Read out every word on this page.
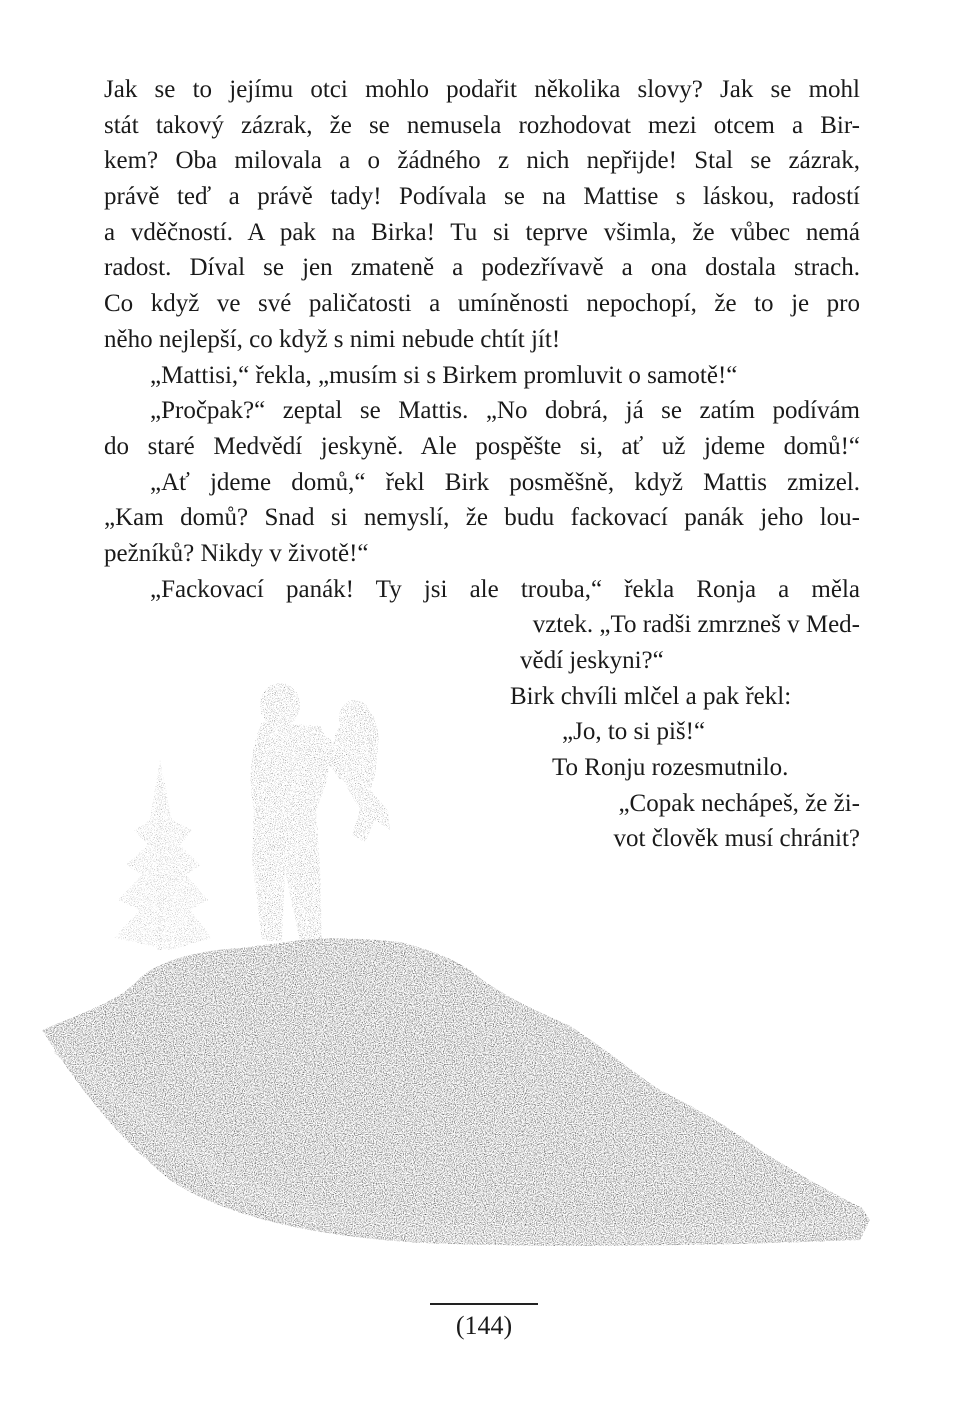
Jak se to jejímu otci mohlo podařit několika slovy? Jak se mohl
stát takový zázrak, že se nemusela rozhodovat mezi otcem a Bir-
kem? Oba milovala a o žádného z nich nepřijde! Stal se zázrak,
právě teď a právě tady! Podívala se na Mattise s láskou, radostí
a vděčností. A pak na Birka! Tu si teprve všimla, že vůbec nemá
radost. Díval se jen zmateně a podezřívavě a ona dostala strach.
Co když ve své paličatosti a umíněnosti nepochopí, že to je pro
něho nejlepší, co když s nimi nebude chtít jít!
„Mattisi,“ řekla, „musím si s Birkem promluvit o samotě!“
„Pročpak?“ zeptal se Mattis. „No dobrá, já se zatím podívám
do staré Medvědí jeskyně. Ale pospěšte si, ať už jdeme domů!“
„Ať jdeme domů,“ řekl Birk posměšně, když Mattis zmizel.
„Kam domů? Snad si nemyslí, že budu fackovací panák jeho lou-
pežníků? Nikdy v životě!“
„Fackovací panák! Ty jsi ale trouba,“ řekla Ronja a měla
vztek. „To radši zmrzneš v Med-
vědí jeskyni?“
Birk chvíli mlčel a pak řekl:
„Jo, to si piš!“
To Ronju rozesmutnilo.
„Copak nechápeš, že ži-
vot člověk musí chránit?
(144)
